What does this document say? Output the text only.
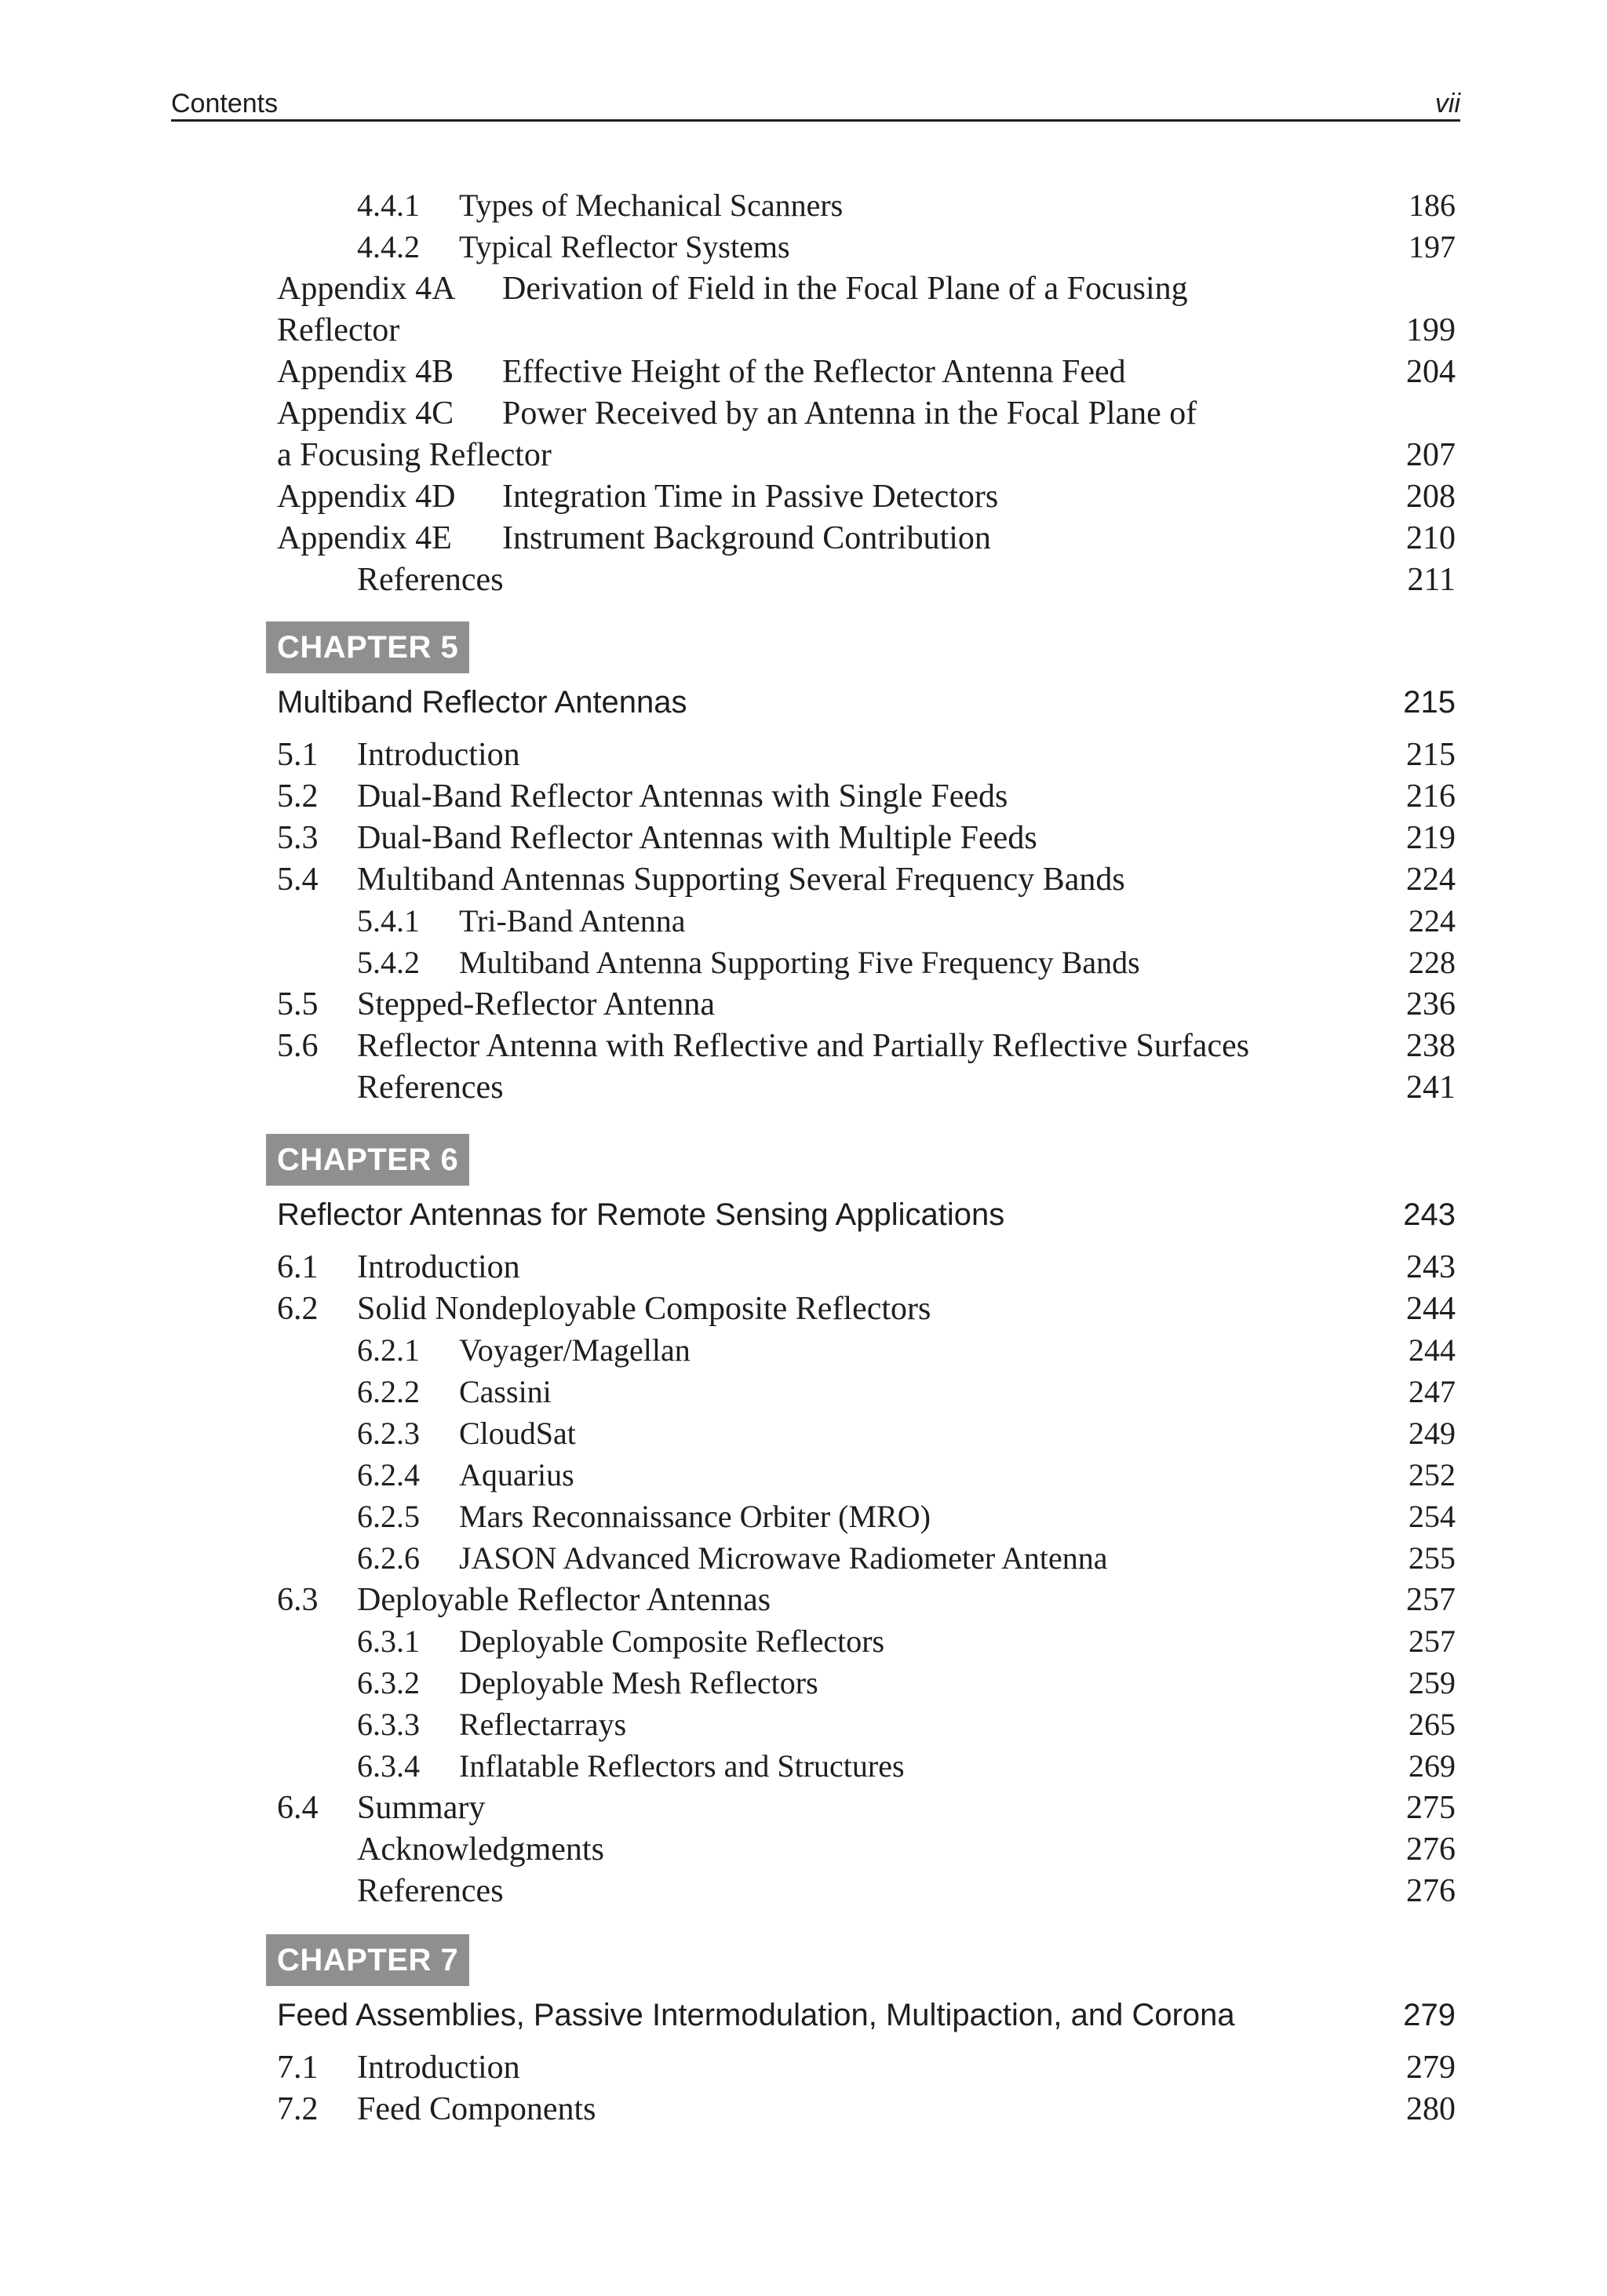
Contents	vii
4.4.1 Types of Mechanical Scanners	186
4.4.2 Typical Reflector Systems	197
Appendix 4A Derivation of Field in the Focal Plane of a Focusing
Reflector	199
Appendix 4B Effective Height of the Reflector Antenna Feed	204
Appendix 4C Power Received by an Antenna in the Focal Plane of
a Focusing Reflector	207
Appendix 4D Integration Time in Passive Detectors	208
Appendix 4E Instrument Background Contribution	210
References	211
CHAPTER 5
Multiband Reflector Antennas	215
5.1 Introduction	215
5.2 Dual-Band Reflector Antennas with Single Feeds	216
5.3 Dual-Band Reflector Antennas with Multiple Feeds	219
5.4 Multiband Antennas Supporting Several Frequency Bands	224
5.4.1 Tri-Band Antenna	224
5.4.2 Multiband Antenna Supporting Five Frequency Bands	228
5.5 Stepped-Reflector Antenna	236
5.6 Reflector Antenna with Reflective and Partially Reflective Surfaces	238
References	241
CHAPTER 6
Reflector Antennas for Remote Sensing Applications	243
6.1 Introduction	243
6.2 Solid Nondeployable Composite Reflectors	244
6.2.1 Voyager/Magellan	244
6.2.2 Cassini	247
6.2.3 CloudSat	249
6.2.4 Aquarius	252
6.2.5 Mars Reconnaissance Orbiter (MRO)	254
6.2.6 JASON Advanced Microwave Radiometer Antenna	255
6.3 Deployable Reflector Antennas	257
6.3.1 Deployable Composite Reflectors	257
6.3.2 Deployable Mesh Reflectors	259
6.3.3 Reflectarrays	265
6.3.4 Inflatable Reflectors and Structures	269
6.4 Summary	275
Acknowledgments	276
References	276
CHAPTER 7
Feed Assemblies, Passive Intermodulation, Multipaction, and Corona	279
7.1 Introduction	279
7.2 Feed Components	280
